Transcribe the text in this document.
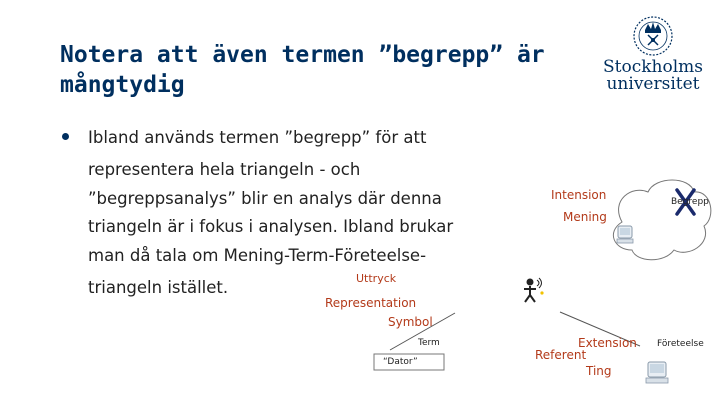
Notera att även termen ”begrepp” är
mångtydig
Stockholms
universitet
Ibland används termen ”begrepp” för att
representera hela triangeln - och
”begreppsanalys” blir en analys där denna
triangeln är i fokus i analysen. Ibland brukar
man då tala om Mening-Term-Företeelse-
triangeln istället.
Intension
Mening
Begrepp
Uttryck
Representation
Symbol
Term
“Dator”
Extension
Referent
Ting
Företeelse
